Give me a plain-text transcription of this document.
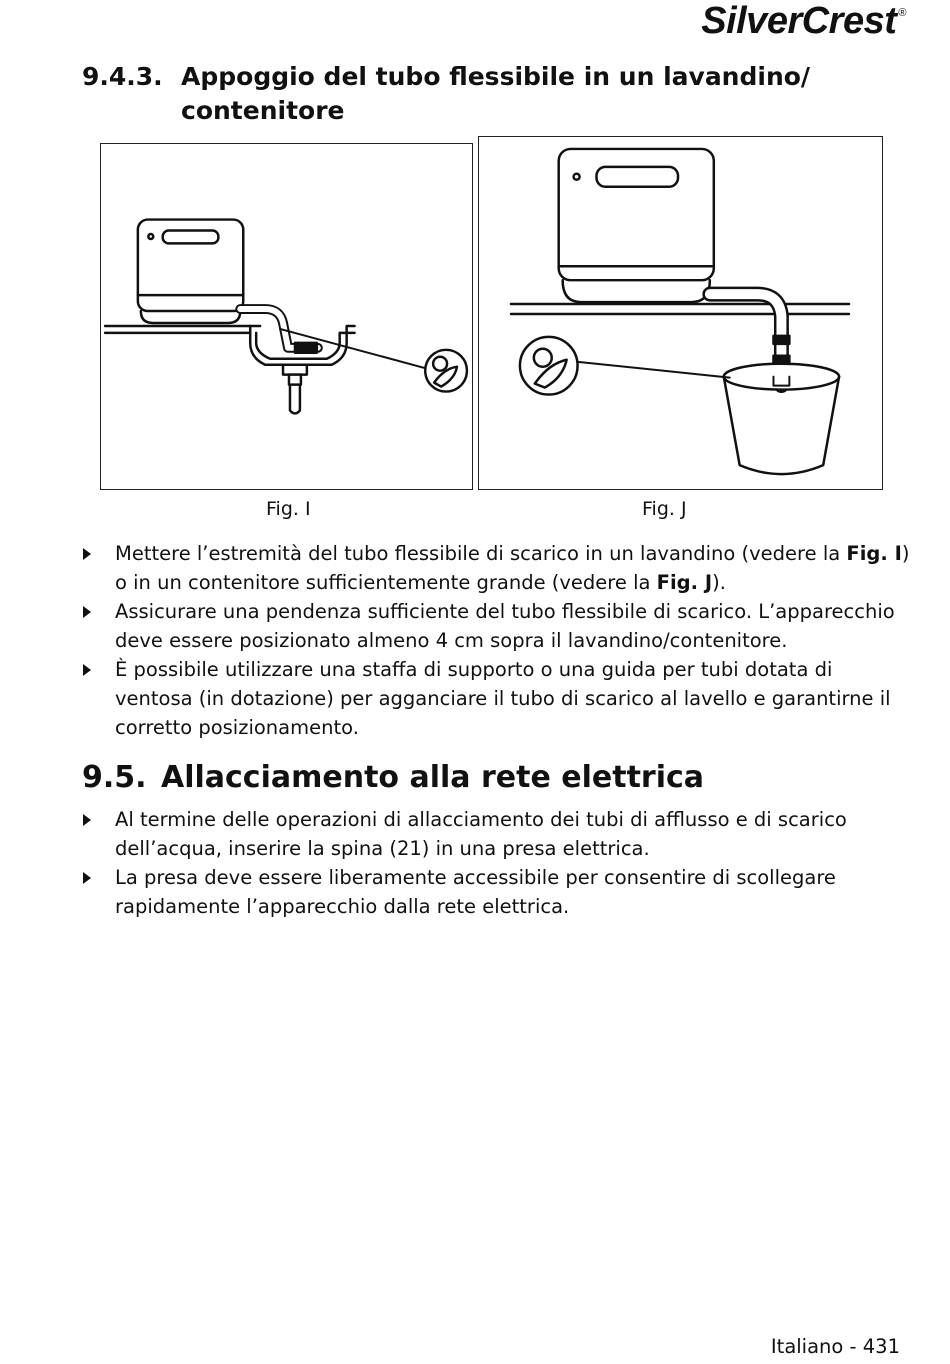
SilverCrest ®
9.4.3. Appoggio del tubo flessibile in un lavandino/ contenitore
Fig. I	Fig. J
Mettere l’estremità del tubo flessibile di scarico in un lavandino (vedere la Fig. I) o in un contenitore sufficientemente grande (vedere la Fig. J).
Assicurare una pendenza sufficiente del tubo flessibile di scarico. L’apparecchio deve essere posizionato almeno 4 cm sopra il lavandino/contenitore.
È possibile utilizzare una staffa di supporto o una guida per tubi dotata di ventosa (in dotazione) per agganciare il tubo di scarico al lavello e garantirne il corretto posizionamento.
9.5. Allacciamento alla rete elettrica
Al termine delle operazioni di allacciamento dei tubi di afflusso e di scarico dell’acqua, inserire la spina (21) in una presa elettrica.
La presa deve essere liberamente accessibile per consentire di scollegare rapidamente l’apparecchio dalla rete elettrica.
Italiano - 431
